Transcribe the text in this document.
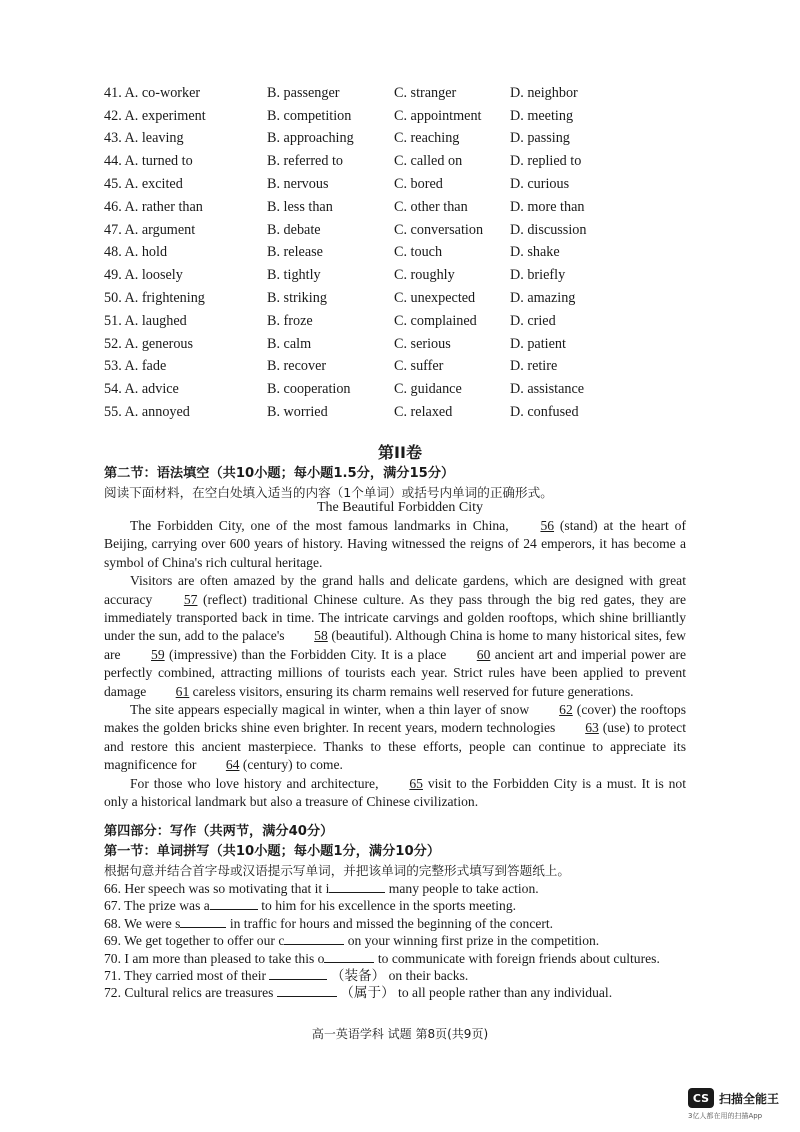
41. A. co-worker	B. passenger	C. stranger	D. neighbor
42. A. experiment	B. competition	C. appointment	D. meeting
43. A. leaving	B. approaching	C. reaching	D. passing
44. A. turned to	B. referred to	C. called on	D. replied to
45. A. excited	B. nervous	C. bored	D. curious
46. A. rather than	B. less than	C. other than	D. more than
47. A. argument	B. debate	C. conversation	D. discussion
48. A. hold	B. release	C. touch	D. shake
49. A. loosely	B. tightly	C. roughly	D. briefly
50. A. frightening	B. striking	C. unexpected	D. amazing
51. A. laughed	B. froze	C. complained	D. cried
52. A. generous	B. calm	C. serious	D. patient
53. A. fade	B. recover	C. suffer	D. retire
54. A. advice	B. cooperation	C. guidance	D. assistance
55. A. annoyed	B. worried	C. relaxed	D. confused
第II卷
第二节：语法填空（共10小题；每小题1.5分，满分15分）
阅读下面材料，在空白处填入适当的内容（1个单词）或括号内单词的正确形式。
The Beautiful Forbidden City

The Forbidden City, one of the most famous landmarks in China, 56 (stand) at the heart of Beijing, carrying over 600 years of history. Having witnessed the reigns of 24 emperors, it has become a symbol of China's rich cultural heritage.

Visitors are often amazed by the grand halls and delicate gardens, which are designed with great accuracy 57 (reflect) traditional Chinese culture. As they pass through the big red gates, they are immediately transported back in time. The intricate carvings and golden rooftops, which shine brilliantly under the sun, add to the palace's 58 (beautiful). Although China is home to many historical sites, few are 59 (impressive) than the Forbidden City. It is a place 60 ancient art and imperial power are perfectly combined, attracting millions of tourists each year. Strict rules have been applied to prevent damage 61 careless visitors, ensuring its charm remains well reserved for future generations.

The site appears especially magical in winter, when a thin layer of snow 62 (cover) the rooftops makes the golden bricks shine even brighter. In recent years, modern technologies 63 (use) to protect and restore this ancient masterpiece. Thanks to these efforts, people can continue to appreciate its magnificence for 64 (century) to come.

For those who love history and architecture, 65 visit to the Forbidden City is a must. It is not only a historical landmark but also a treasure of Chinese civilization.

第四部分：写作（共两节，满分40分）
第一节：单词拼写（共10小题；每小题1分，满分10分）
根据句意并结合首字母或汉语提示写单词，并把该单词的完整形式填写到答题纸上。
66. Her speech was so motivating that it i	many people to take action.
67. The prize was a	to him for his excellence in the sports meeting.
68. We were s	in traffic for hours and missed the beginning of the concert.
69. We get together to offer our c	on your winning first prize in the competition.
70. I am more than pleased to take this o	to communicate with foreign friends about cultures.
71. They carried most of their	（装备） on their backs.
72. Cultural relics are treasures	（属于） to all people rather than any individual.
高一英语学科 试题 第8页(共9页)
CS 扫描全能王
3亿人都在用的扫描App
